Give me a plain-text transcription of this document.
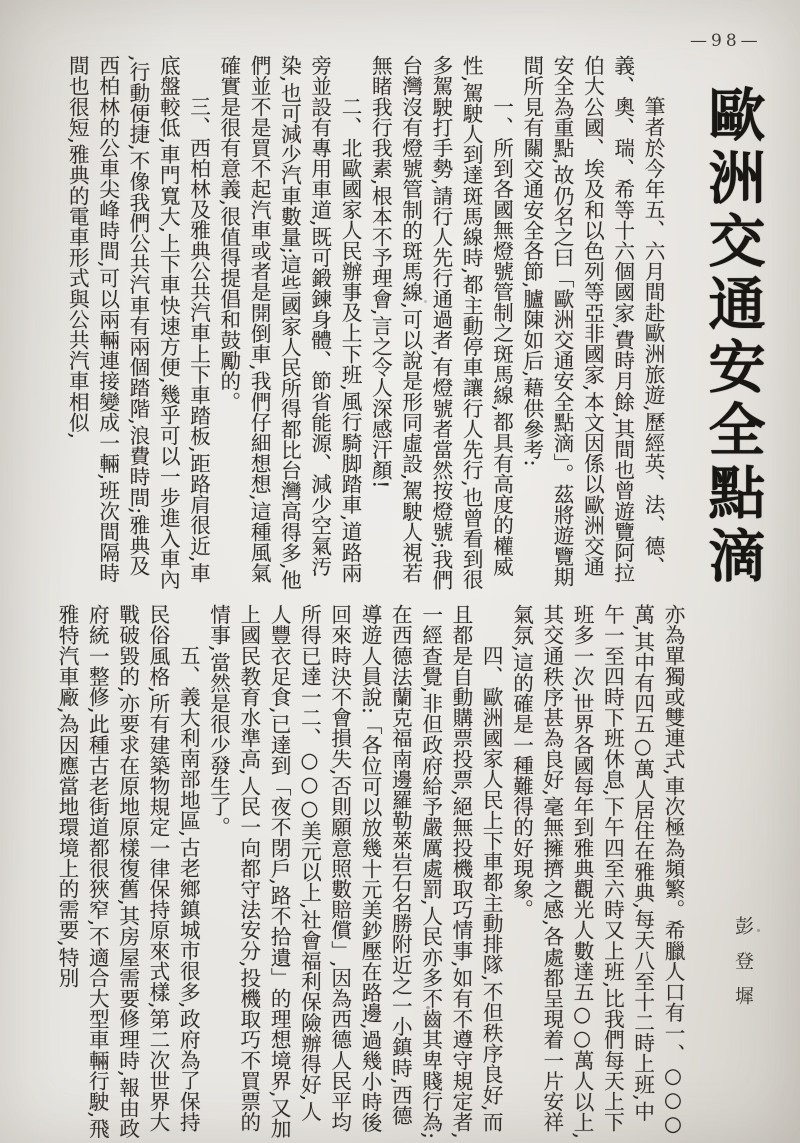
—98—
歐洲交通安全點滴

筆者於今年五、六月間赴歐洲旅遊,歷經英、法、德、義、奧、瑞、希等十六個國家,費時月餘,其間也曾遊覽阿拉伯大公國、埃及和以色列等亞非國家,本文因係以歐洲交通安全為重點,故仍名之曰「歐洲交通安全點滴」。茲將遊覽期間所見有關交通安全各節,臚陳如后,藉供參考:

一、所到各國無燈號管制之斑馬線,都具有高度的權威性,駕駛人到達斑馬線時,都主動停車讓行人先行,也曾看到很多駕駛打手勢,請行人先行通過者,有燈號者當然按燈號;我們台灣沒有燈號管制的斑馬線,可以說是形同虛設,駕駛人視若無睹我行我素,根本不予理會,言之令人深感汗顏!

二、北歐國家人民辦事及上下班,風行騎脚踏車,道路兩旁並設有專用車道,既可鍛鍊身體、節省能源、減少空氣汚染,也可減少汽車數量;這些國家人民所得都比台灣高得多,他們並不是買不起汽車或者是開倒車,我們仔細想想,這種風氣確實是很有意義,很值得提倡和鼓勵的。

三、西柏林及雅典公共汽車上下車踏板,距路肩很近,車底盤較低,車門寬大,上下車快速方便,幾乎可以一步進入車內,行動便捷,不像我們公共汽車有兩個踏階,浪費時間;雅典及西柏林的公車尖峰時間,可以兩輛連接變成一輛,班次間隔時間也很短,雅典的電車形式與公共汽車相似,

彭登墀

亦為單獨或雙連式,車次極為頻繁。希臘人口有一、○○○萬,其中有四五○萬人居住在雅典,每天八至十二時上班,中午一至四時下班休息,下午四至六時又上班,比我們每天上下班多一次,世界各國每年到雅典觀光人數達五○○萬人以上,其交通秩序甚為良好,毫無擁擠之感,各處都呈現着一片安祥氣氛,這的確是一種難得的好現象。

四、歐洲國家人民上下車都主動排隊,不但秩序良好,而且都是自動購票投票,絕無投機取巧情事,如有不遵守規定者,一經查覺,非但政府給予嚴厲處罰,人民亦多不齒其卑賤行為;在西德法蘭克福南邊羅勒萊岩石名勝附近之一小鎮時,西德導遊人員說:「各位可以放幾十元美鈔壓在路邊,過幾小時後回來時決不會損失,否則願意照數賠償」,因為西德人民平均所得已達一二、○○○美元以上,社會福利保險辦得好,人人豐衣足食,已達到「夜不閉戶,路不拾遺」的理想境界,又加上國民教育水準高,人民一向都守法安分,投機取巧不買票的情事,當然是很少發生了。

五、義大利南部地區,古老鄉鎮城市很多,政府為了保持民俗風格,所有建築物規定一律保持原來式樣,第二次世界大戰破毀的,亦要求在原地原樣復舊,其房屋需要修理時,報由政府統一整修,此種古老街道都很狹窄,不適合大型車輛行駛,飛雅特汽車廠,為因應當地環境上的需要,特別
